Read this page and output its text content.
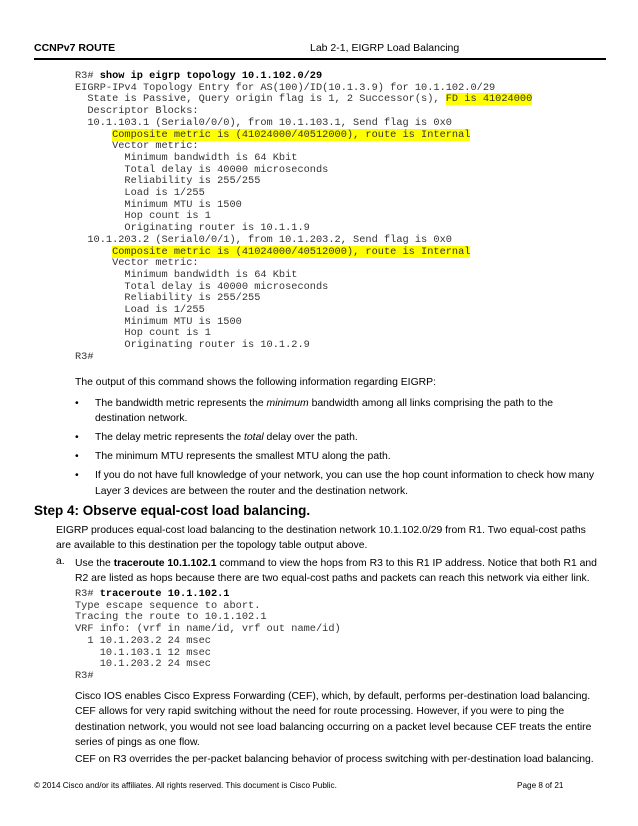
CCNPv7 ROUTE	Lab 2-1, EIGRP Load Balancing
R3# show ip eigrp topology 10.1.102.0/29
EIGRP-IPv4 Topology Entry for AS(100)/ID(10.1.3.9) for 10.1.102.0/29
State is Passive, Query origin flag is 1, 2 Successor(s), FD is 41024000
Descriptor Blocks:
10.1.103.1 (Serial0/0/0), from 10.1.103.1, Send flag is 0x0
Composite metric is (41024000/40512000), route is Internal
Vector metric:
Minimum bandwidth is 64 Kbit
Total delay is 40000 microseconds
Reliability is 255/255
Load is 1/255
Minimum MTU is 1500
Hop count is 1
Originating router is 10.1.1.9
10.1.203.2 (Serial0/0/1), from 10.1.203.2, Send flag is 0x0
Composite metric is (41024000/40512000), route is Internal
Vector metric:
Minimum bandwidth is 64 Kbit
Total delay is 40000 microseconds
Reliability is 255/255
Load is 1/255
Minimum MTU is 1500
Hop count is 1
Originating router is 10.1.2.9
R3#

The output of this command shows the following information regarding EIGRP:

• The bandwidth metric represents the minimum bandwidth among all links comprising the path to the destination network.
• The delay metric represents the total delay over the path.
• The minimum MTU represents the smallest MTU along the path.
• If you do not have full knowledge of your network, you can use the hop count information to check how many Layer 3 devices are between the router and the destination network.
Step 4: Observe equal-cost load balancing.

EIGRP produces equal-cost load balancing to the destination network 10.1.102.0/29 from R1. Two equal-cost paths are available to this destination per the topology table output above.

a. Use the traceroute 10.1.102.1 command to view the hops from R3 to this R1 IP address. Notice that both R1 and R2 are listed as hops because there are two equal-cost paths and packets can reach this network via either link.

R3# traceroute 10.1.102.1
Type escape sequence to abort.
Tracing the route to 10.1.102.1
VRF info: (vrf in name/id, vrf out name/id)
1 10.1.203.2 24 msec
10.1.103.1 12 msec
10.1.203.2 24 msec
R3#

Cisco IOS enables Cisco Express Forwarding (CEF), which, by default, performs per-destination load balancing. CEF allows for very rapid switching without the need for route processing. However, if you were to ping the destination network, you would not see load balancing occurring on a packet level because CEF treats the entire series of pings as one flow.

CEF on R3 overrides the per-packet balancing behavior of process switching with per-destination load balancing.

© 2014 Cisco and/or its affiliates. All rights reserved. This document is Cisco Public.	Page 8 of 21
